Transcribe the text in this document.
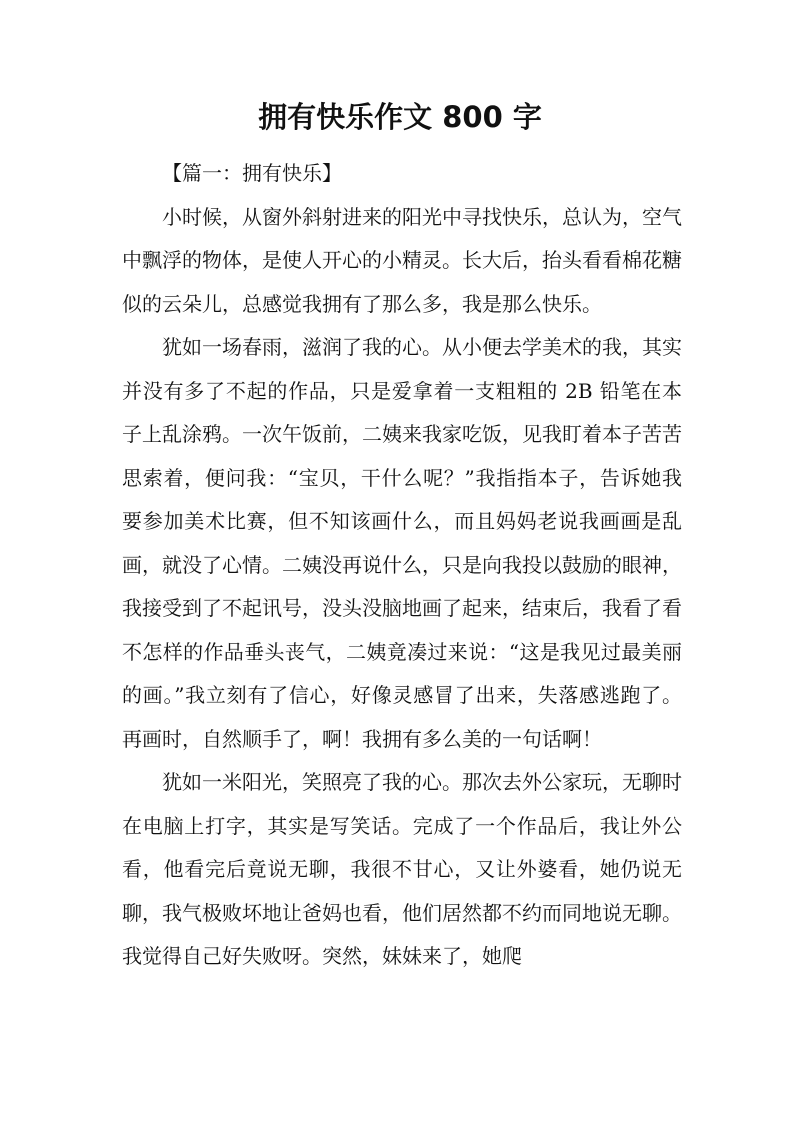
拥有快乐作文 800 字

【篇一：拥有快乐】

小时候，从窗外斜射进来的阳光中寻找快乐，总认为，空气中飘浮的物体，是使人开心的小精灵。长大后，抬头看看棉花糖似的云朵儿，总感觉我拥有了那么多，我是那么快乐。

犹如一场春雨，滋润了我的心。从小便去学美术的我，其实并没有多了不起的作品，只是爱拿着一支粗粗的 2B 铅笔在本子上乱涂鸦。一次午饭前，二姨来我家吃饭，见我盯着本子苦苦思索着，便问我：“宝贝，干什么呢？”我指指本子，告诉她我要参加美术比赛，但不知该画什么，而且妈妈老说我画画是乱画，就没了心情。二姨没再说什么，只是向我投以鼓励的眼神，我接受到了不起讯号，没头没脑地画了起来，结束后，我看了看不怎样的作品垂头丧气，二姨竟凑过来说：“这是我见过最美丽的画。”我立刻有了信心，好像灵感冒了出来，失落感逃跑了。再画时，自然顺手了，啊！我拥有多么美的一句话啊！

犹如一米阳光，笑照亮了我的心。那次去外公家玩，无聊时在电脑上打字，其实是写笑话。完成了一个作品后，我让外公看，他看完后竟说无聊，我很不甘心，又让外婆看，她仍说无聊，我气极败坏地让爸妈也看，他们居然都不约而同地说无聊。我觉得自己好失败呀。突然，妹妹来了，她爬
